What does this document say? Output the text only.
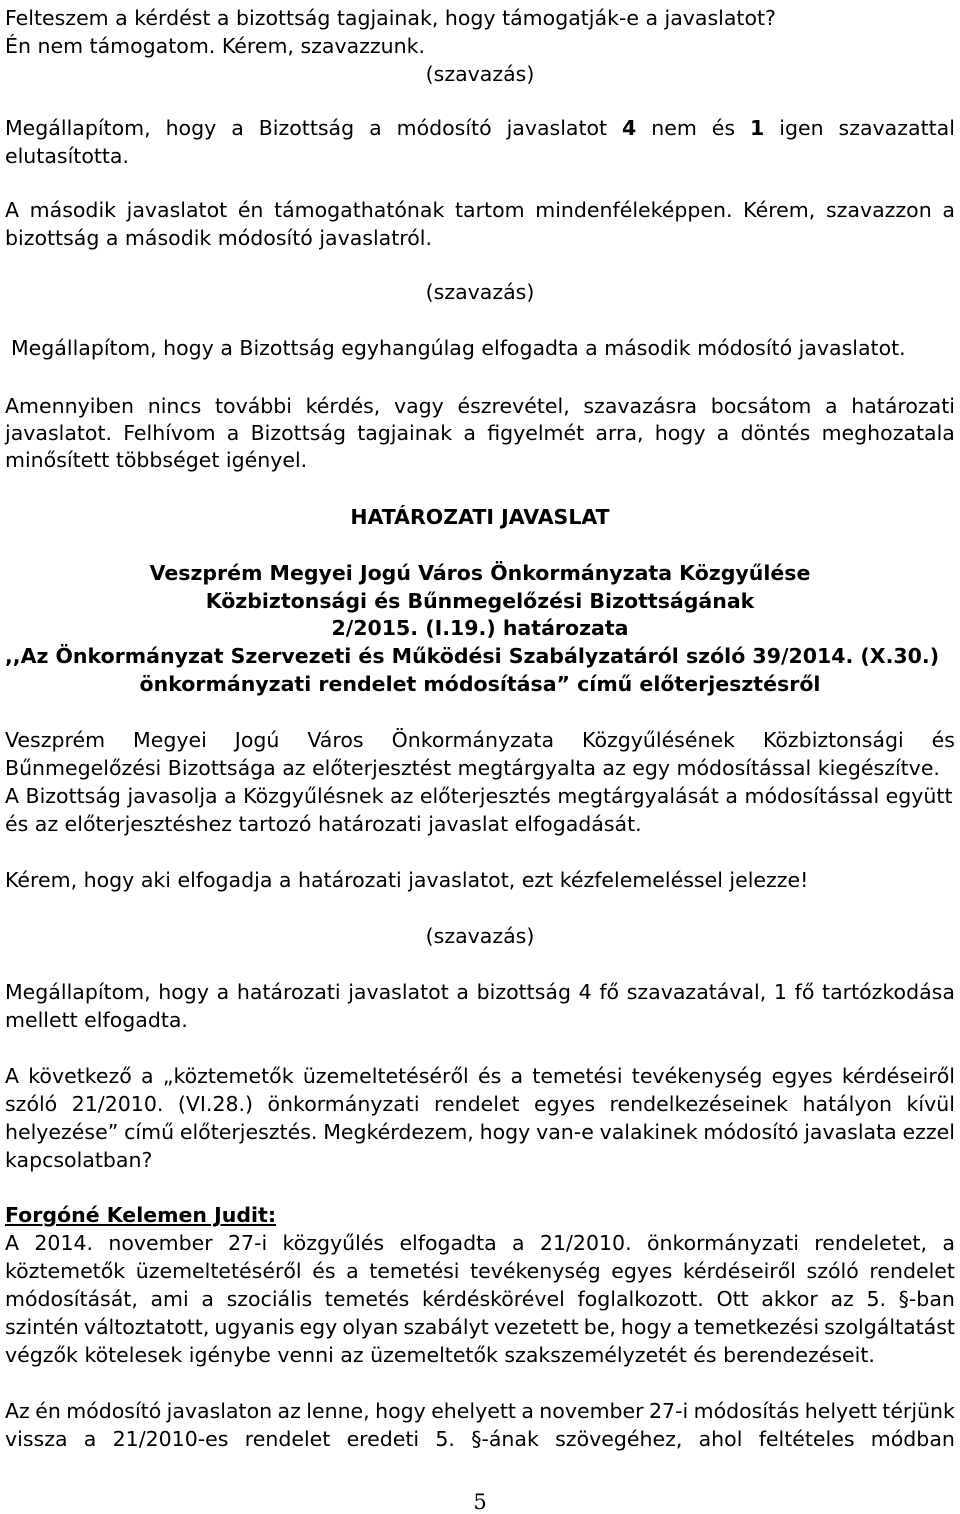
Felteszem a kérdést a bizottság tagjainak, hogy támogatják-e a javaslatot?
Én nem támogatom. Kérem, szavazzunk.
(szavazás)
Megállapítom, hogy a Bizottság a módosító javaslatot 4 nem és 1 igen szavazattal
elutasította.
A második javaslatot én támogathatónak tartom mindenféleképpen. Kérem, szavazzon a
bizottság a második módosító javaslatról.
(szavazás)
Megállapítom, hogy a Bizottság egyhangúlag elfogadta a második módosító javaslatot.
Amennyiben nincs további kérdés, vagy észrevétel, szavazásra bocsátom a határozati
javaslatot. Felhívom a Bizottság tagjainak a figyelmét arra, hogy a döntés meghozatala
minősített többséget igényel.
HATÁROZATI JAVASLAT
Veszprém Megyei Jogú Város Önkormányzata Közgyűlése
Közbiztonsági és Bűnmegelőzési Bizottságának
2/2015. (I.19.) határozata
,,Az Önkormányzat Szervezeti és Működési Szabályzatáról szóló 39/2014. (X.30.)
önkormányzati rendelet módosítása” című előterjesztésről
Veszprém Megyei Jogú Város Önkormányzata Közgyűlésének Közbiztonsági és
Bűnmegelőzési Bizottsága az előterjesztést megtárgyalta az egy módosítással kiegészítve.
A Bizottság javasolja a Közgyűlésnek az előterjesztés megtárgyalását a módosítással együtt
és az előterjesztéshez tartozó határozati javaslat elfogadását.
Kérem, hogy aki elfogadja a határozati javaslatot, ezt kézfelemeléssel jelezze!
(szavazás)
Megállapítom, hogy a határozati javaslatot a bizottság 4 fő szavazatával, 1 fő tartózkodása
mellett elfogadta.
A következő a „köztemetők üzemeltetéséről és a temetési tevékenység egyes kérdéseiről
szóló 21/2010. (VI.28.) önkormányzati rendelet egyes rendelkezéseinek hatályon kívül
helyezése” című előterjesztés. Megkérdezem, hogy van-e valakinek módosító javaslata ezzel
kapcsolatban?
Forgóné Kelemen Judit:
A 2014. november 27-i közgyűlés elfogadta a 21/2010. önkormányzati rendeletet, a
köztemetők üzemeltetéséről és a temetési tevékenység egyes kérdéseiről szóló rendelet
módosítását, ami a szociális temetés kérdéskörével foglalkozott. Ott akkor az 5. §-ban
szintén változtatott, ugyanis egy olyan szabályt vezetett be, hogy a temetkezési szolgáltatást
végzők kötelesek igénybe venni az üzemeltetők szakszemélyzetét és berendezéseit.
Az én módosító javaslaton az lenne, hogy ehelyett a november 27-i módosítás helyett térjünk
vissza a 21/2010-es rendelet eredeti 5. §-ának szövegéhez, ahol feltételes módban
5
